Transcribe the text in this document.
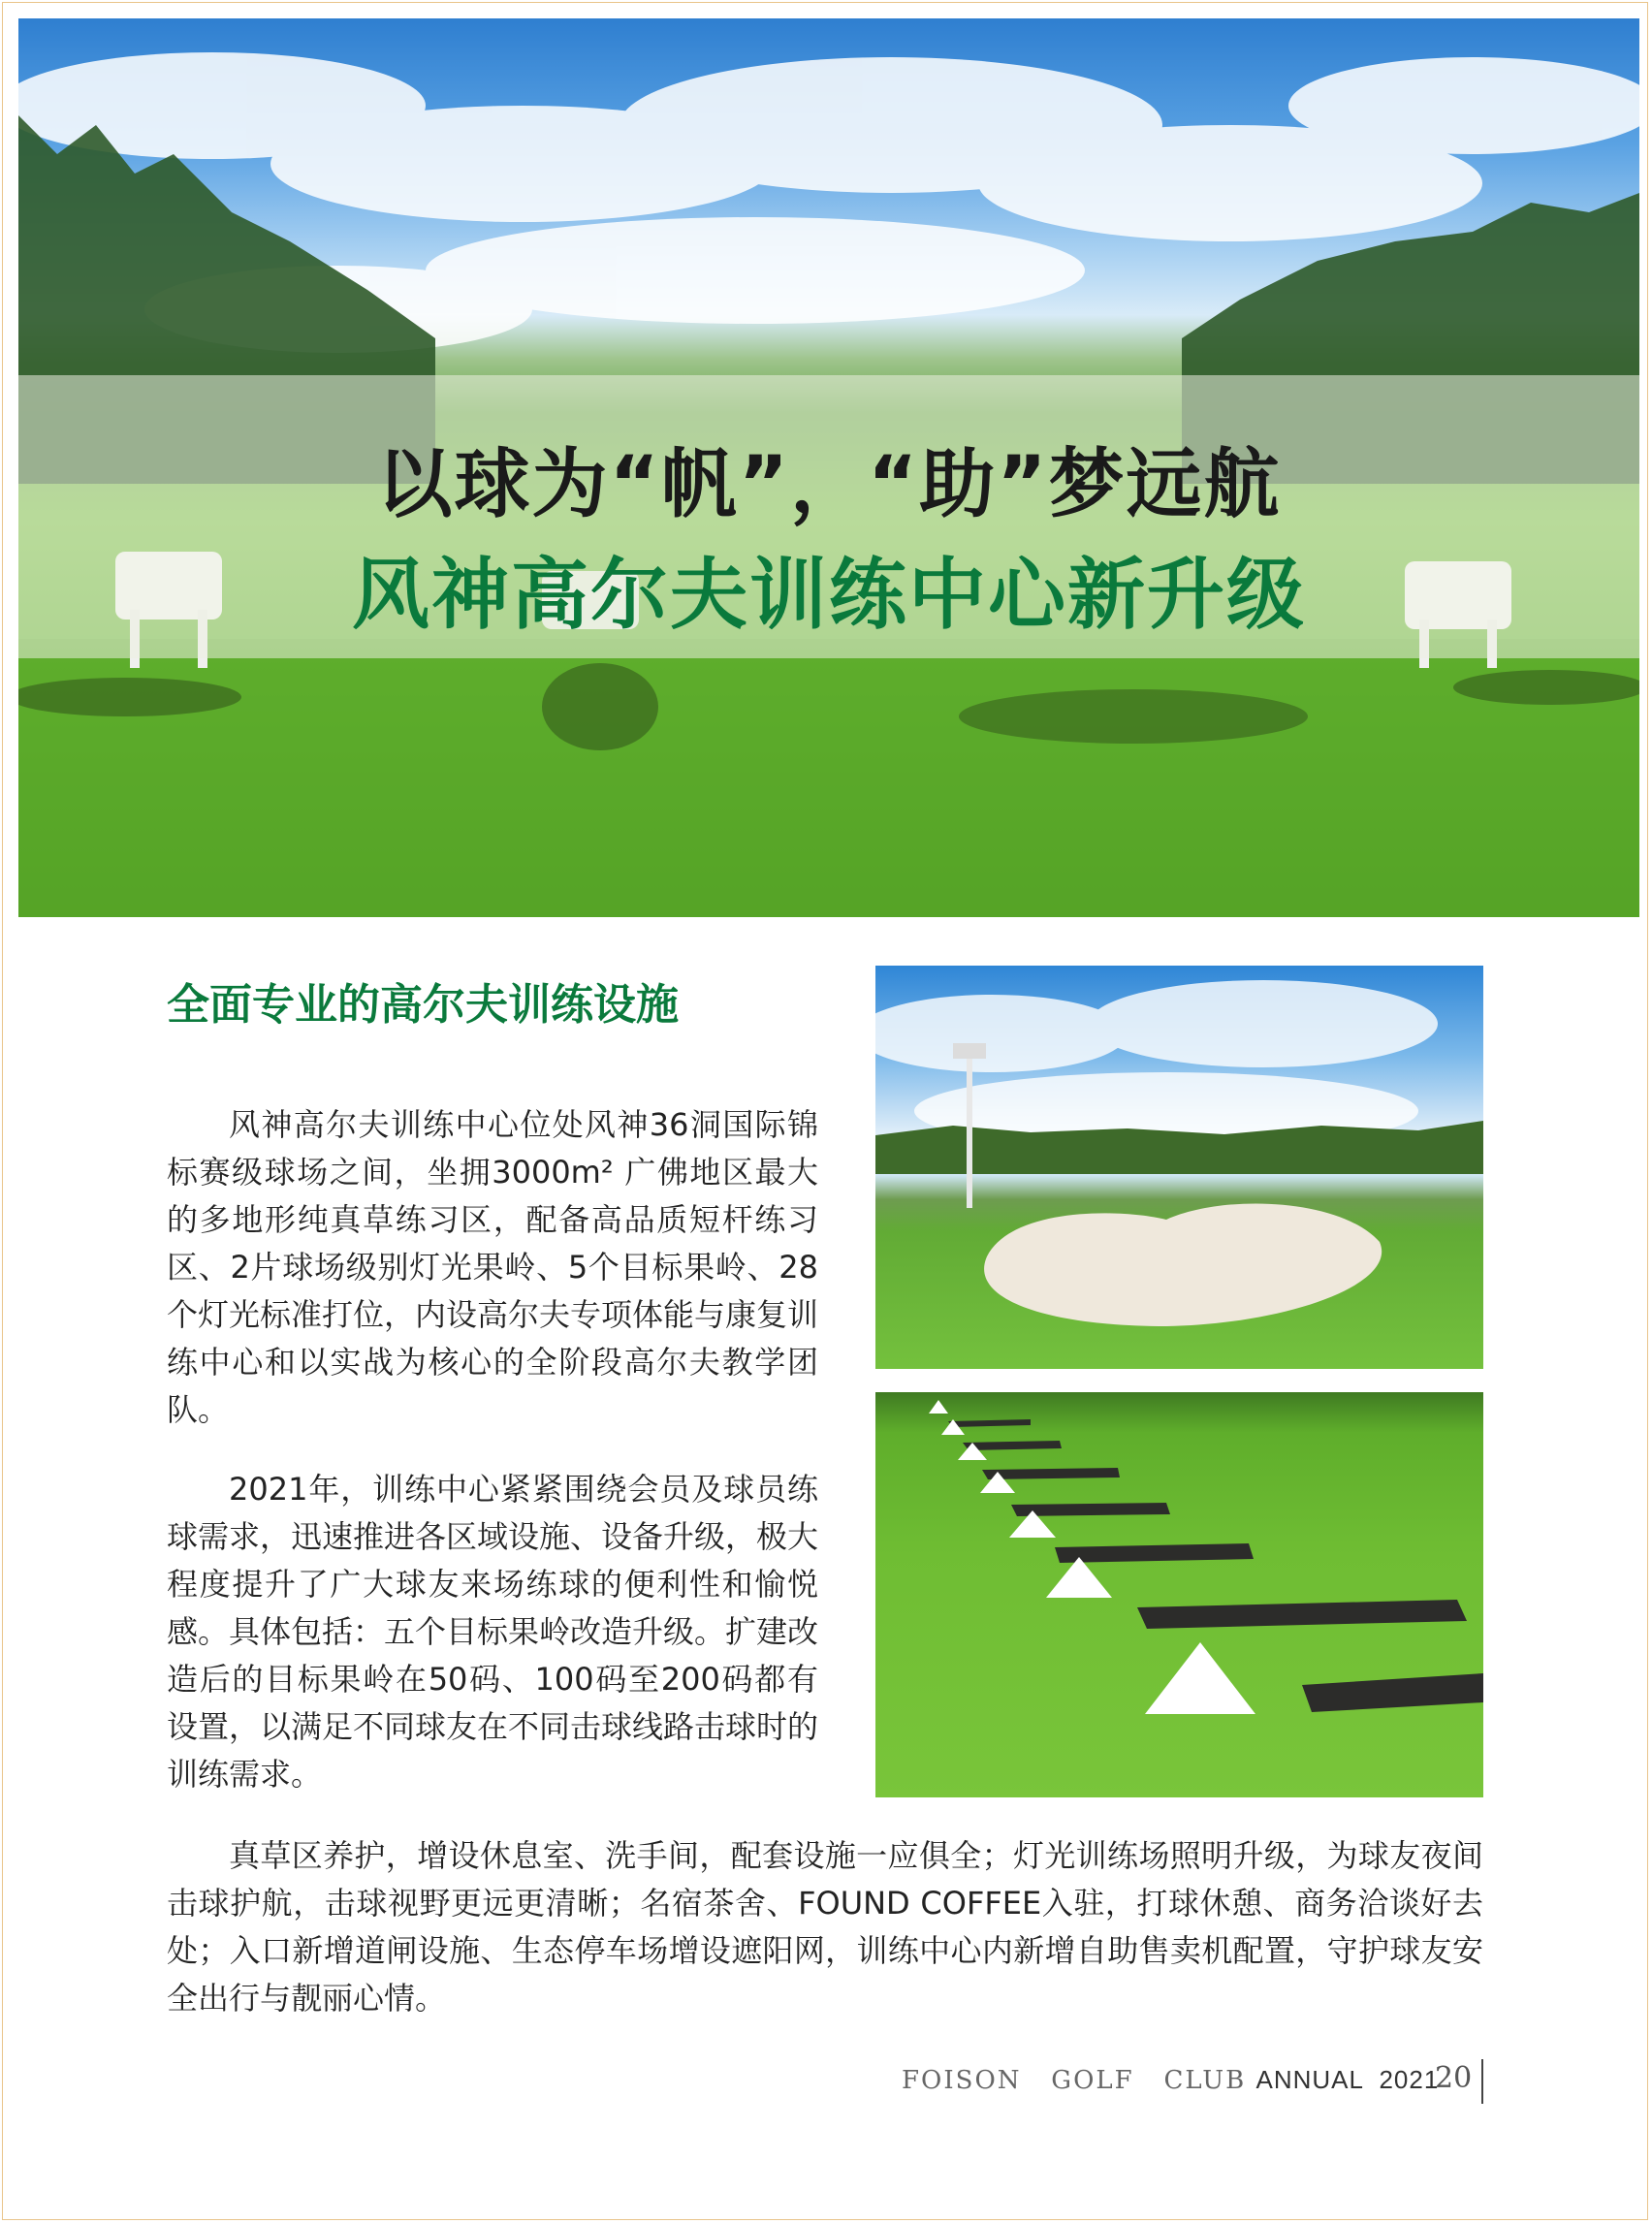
以球为“帆”，“助”梦远航
风神高尔夫训练中心新升级
全面专业的高尔夫训练设施

风神高尔夫训练中心位处风神36洞国际锦标赛级球场之间，坐拥3000m² 广佛地区最大的多地形纯真草练习区，配备高品质短杆练习区、2片球场级别灯光果岭、5个目标果岭、28个灯光标准打位，内设高尔夫专项体能与康复训练中心和以实战为核心的全阶段高尔夫教学团队。

2021年，训练中心紧紧围绕会员及球员练球需求，迅速推进各区域设施、设备升级，极大程度提升了广大球友来场练球的便利性和愉悦感。具体包括：五个目标果岭改造升级。扩建改造后的目标果岭在50码、100码至200码都有设置，以满足不同球友在不同击球线路击球时的训练需求。

真草区养护，增设休息室、洗手间，配套设施一应俱全；灯光训练场照明升级，为球友夜间击球护航，击球视野更远更清晰；名宿茶舍、FOUND COFFEE入驻，打球休憩、商务洽谈好去处；入口新增道闸设施、生态停车场增设遮阳网，训练中心内新增自助售卖机配置，守护球友安全出行与靓丽心情。

FOISON   GOLF   CLUB ANNUAL  2021
20
